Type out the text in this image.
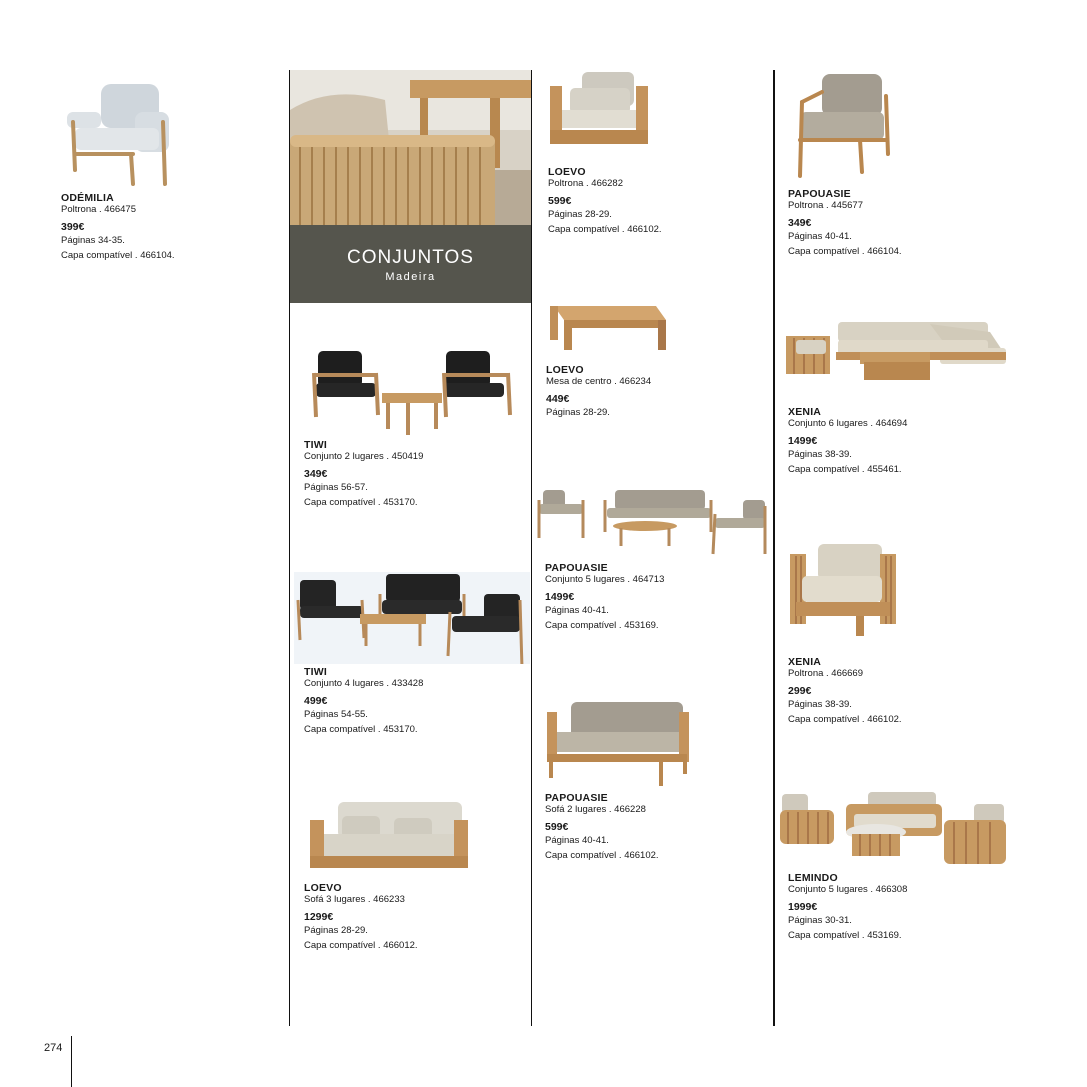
CONJUNTOS
Madeira
ODÉMILIA
Poltrona . 466475
399€
Páginas 34-35.
Capa compatível . 466104.
TIWI
Conjunto 2 lugares . 450419
349€
Páginas 56-57.
Capa compatível . 453170.
TIWI
Conjunto 4 lugares . 433428
499€
Páginas 54-55.
Capa compatível . 453170.
LOEVO
Sofá 3 lugares . 466233
1299€
Páginas 28-29.
Capa compatível . 466012.
LOEVO
Poltrona . 466282
599€
Páginas 28-29.
Capa compatível . 466102.
LOEVO
Mesa de centro . 466234
449€
Páginas 28-29.
PAPOUASIE
Conjunto 5 lugares . 464713
1499€
Páginas 40-41.
Capa compatível . 453169.
PAPOUASIE
Sofá 2 lugares . 466228
599€
Páginas 40-41.
Capa compatível . 466102.
PAPOUASIE
Poltrona . 445677
349€
Páginas 40-41.
Capa compatível . 466104.
XENIA
Conjunto 6 lugares . 464694
1499€
Páginas 38-39.
Capa compatível . 455461.
XENIA
Poltrona . 466669
299€
Páginas 38-39.
Capa compatível . 466102.
LEMINDO
Conjunto 5 lugares . 466308
1999€
Páginas 30-31.
Capa compatível . 453169.
274
